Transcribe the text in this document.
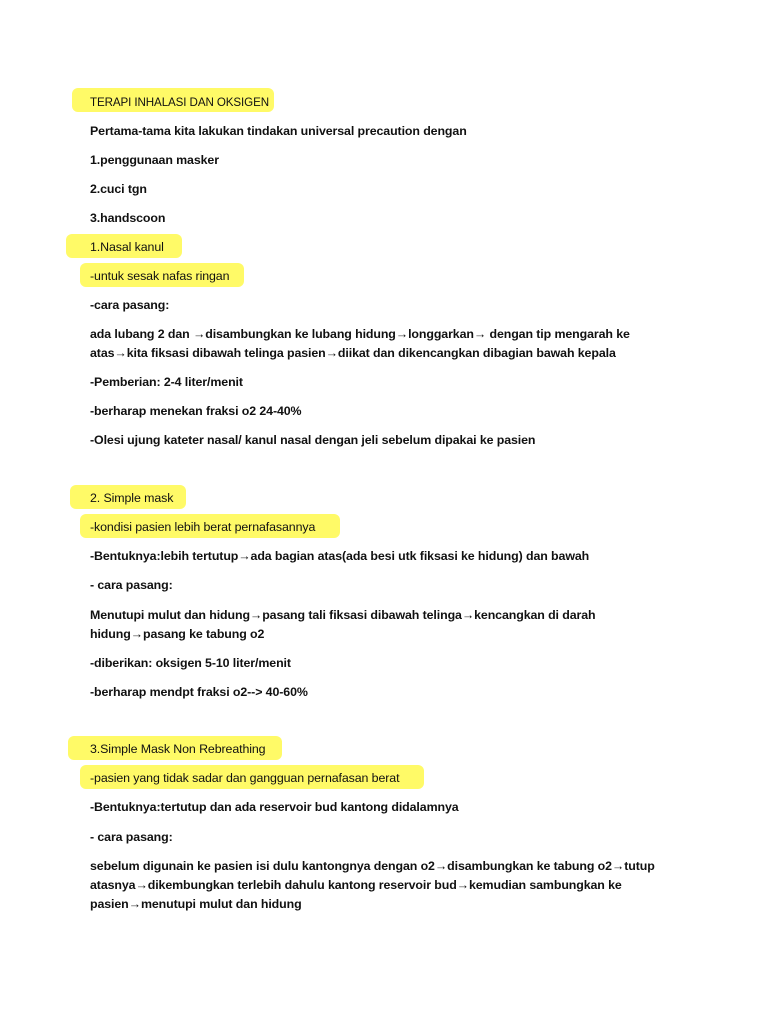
TERAPI INHALASI DAN OKSIGEN
Pertama-tama kita lakukan tindakan universal precaution dengan
1.penggunaan masker
2.cuci tgn
3.handscoon
1.Nasal kanul
-untuk sesak nafas ringan
-cara pasang:
ada lubang 2 dan →disambungkan ke lubang hidung→longgarkan→ dengan tip mengarah ke
atas→kita fiksasi dibawah telinga pasien→diikat dan dikencangkan dibagian bawah kepala
-Pemberian: 2-4 liter/menit
-berharap menekan fraksi o2 24-40%
-Olesi ujung kateter nasal/ kanul nasal dengan jeli sebelum dipakai ke pasien
2. Simple mask
-kondisi pasien lebih berat pernafasannya
-Bentuknya:lebih tertutup→ada bagian atas(ada besi utk fiksasi ke hidung) dan bawah
- cara pasang:
Menutupi mulut dan hidung→pasang tali fiksasi dibawah telinga→kencangkan di darah
hidung→pasang ke tabung o2
-diberikan: oksigen 5-10 liter/menit
-berharap mendpt fraksi o2--> 40-60%
3.Simple Mask Non Rebreathing
-pasien yang tidak sadar dan gangguan pernafasan berat
-Bentuknya:tertutup dan ada reservoir bud kantong didalamnya
- cara pasang:
sebelum digunain ke pasien isi dulu kantongnya dengan o2→disambungkan ke tabung o2→tutup
atasnya→dikembungkan terlebih dahulu kantong reservoir bud→kemudian sambungkan ke
pasien→menutupi mulut dan hidung
